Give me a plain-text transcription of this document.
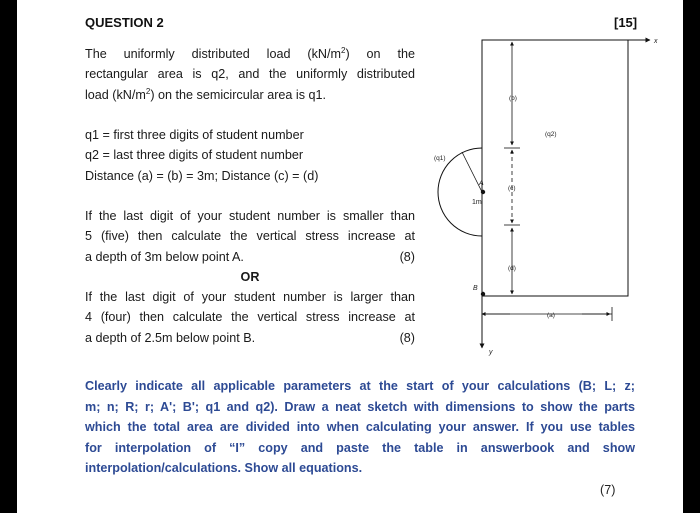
QUESTION 2	[15]
The uniformly distributed load $(kN/m^2)$ on the
rectangular area is q2, and the uniformly distributed
load $(kN/m^2)$ on the semicircular area is q1.
q1 = first three digits of student number
q2 = last three digits of student number
Distance (a) = (b) = 3m; Distance (c) = (d)
If the last digit of your student number is smaller than
5 (five) then calculate the vertical stress increase at
a depth of 3m below point A.	(8)
OR
If the last digit of your student number is larger than
4 (four) then calculate the vertical stress increase at
a depth of 2.5m below point B.	(8)
x
y
(b)
(c)
(d)
(a)
A
B
1m
(q1)
(q2)
Clearly indicate all applicable parameters at the start of your calculations (B; L; z;
m; n; R; r; A'; B'; q1 and q2). Draw a neat sketch with dimensions to show the parts
which the total area are divided into when calculating your answer. If you use tables
for interpolation of “I” copy and paste the table in answerbook and show
interpolation/calculations. Show all equations.
(7)
